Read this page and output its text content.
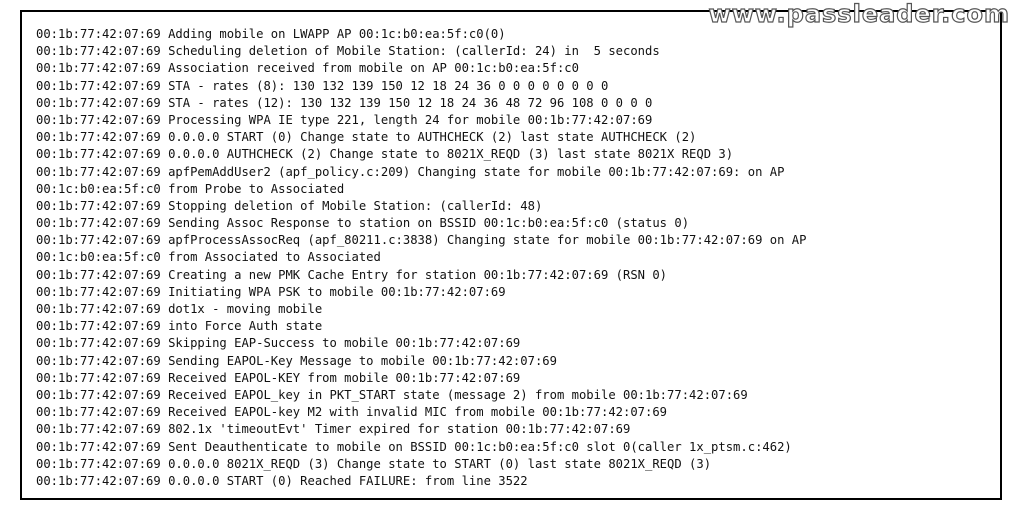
00:1b:77:42:07:69 Adding mobile on LWAPP AP 00:1c:b0:ea:5f:c0(0)
00:1b:77:42:07:69 Scheduling deletion of Mobile Station: (callerId: 24) in  5 seconds
00:1b:77:42:07:69 Association received from mobile on AP 00:1c:b0:ea:5f:c0
00:1b:77:42:07:69 STA - rates (8): 130 132 139 150 12 18 24 36 0 0 0 0 0 0 0 0
00:1b:77:42:07:69 STA - rates (12): 130 132 139 150 12 18 24 36 48 72 96 108 0 0 0 0
00:1b:77:42:07:69 Processing WPA IE type 221, length 24 for mobile 00:1b:77:42:07:69
00:1b:77:42:07:69 0.0.0.0 START (0) Change state to AUTHCHECK (2) last state AUTHCHECK (2)
00:1b:77:42:07:69 0.0.0.0 AUTHCHECK (2) Change state to 8021X_REQD (3) last state 8021X REQD 3)
00:1b:77:42:07:69 apfPemAddUser2 (apf_policy.c:209) Changing state for mobile 00:1b:77:42:07:69: on AP
00:1c:b0:ea:5f:c0 from Probe to Associated
00:1b:77:42:07:69 Stopping deletion of Mobile Station: (callerId: 48)
00:1b:77:42:07:69 Sending Assoc Response to station on BSSID 00:1c:b0:ea:5f:c0 (status 0)
00:1b:77:42:07:69 apfProcessAssocReq (apf_80211.c:3838) Changing state for mobile 00:1b:77:42:07:69 on AP
00:1c:b0:ea:5f:c0 from Associated to Associated
00:1b:77:42:07:69 Creating a new PMK Cache Entry for station 00:1b:77:42:07:69 (RSN 0)
00:1b:77:42:07:69 Initiating WPA PSK to mobile 00:1b:77:42:07:69
00:1b:77:42:07:69 dot1x - moving mobile
00:1b:77:42:07:69 into Force Auth state
00:1b:77:42:07:69 Skipping EAP-Success to mobile 00:1b:77:42:07:69
00:1b:77:42:07:69 Sending EAPOL-Key Message to mobile 00:1b:77:42:07:69
00:1b:77:42:07:69 Received EAPOL-KEY from mobile 00:1b:77:42:07:69
00:1b:77:42:07:69 Received EAPOL_key in PKT_START state (message 2) from mobile 00:1b:77:42:07:69
00:1b:77:42:07:69 Received EAPOL-key M2 with invalid MIC from mobile 00:1b:77:42:07:69
00:1b:77:42:07:69 802.1x 'timeoutEvt' Timer expired for station 00:1b:77:42:07:69
00:1b:77:42:07:69 Sent Deauthenticate to mobile on BSSID 00:1c:b0:ea:5f:c0 slot 0(caller 1x_ptsm.c:462)
00:1b:77:42:07:69 0.0.0.0 8021X_REQD (3) Change state to START (0) last state 8021X_REQD (3)
00:1b:77:42:07:69 0.0.0.0 START (0) Reached FAILURE: from line 3522
www.passleader.com
